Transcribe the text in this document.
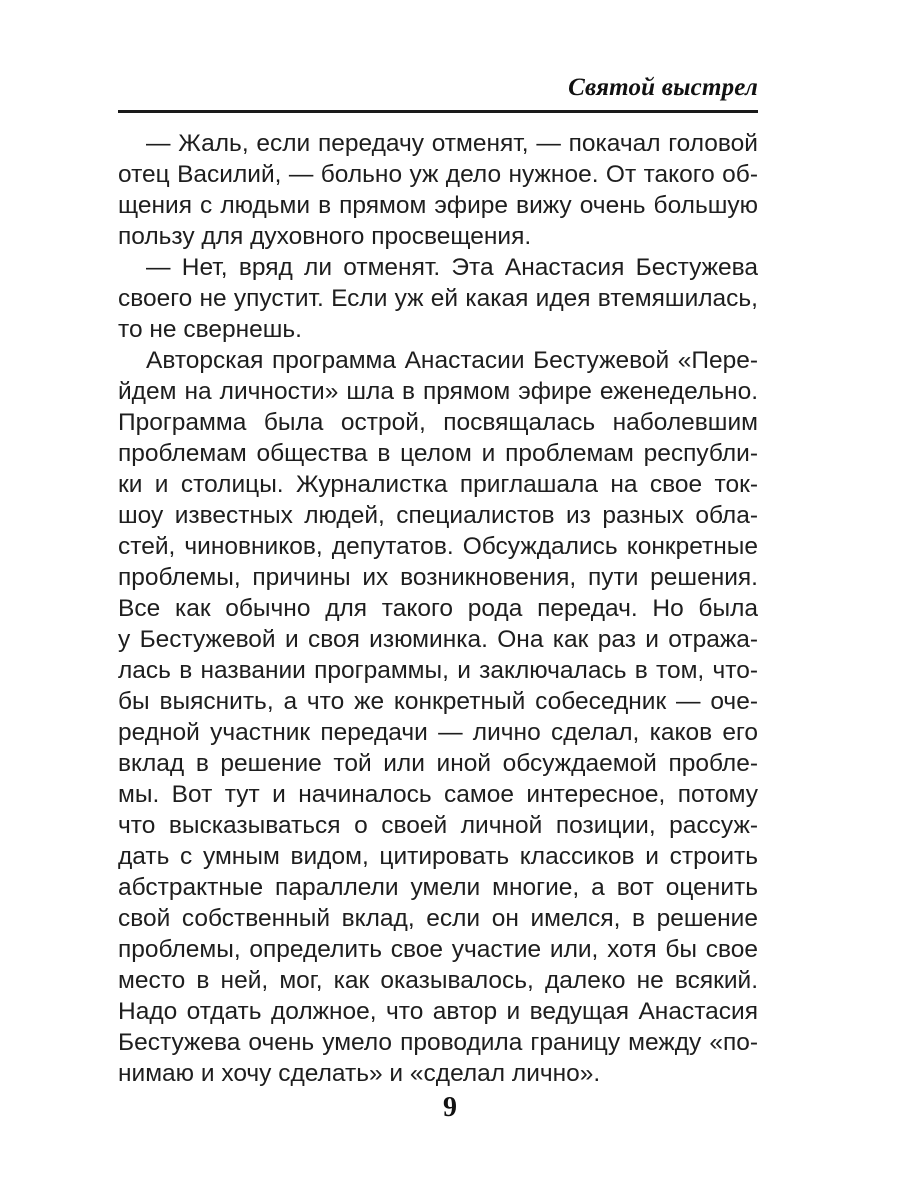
Святой выстрел

— Жаль, если передачу отменят, — покачал головой
отец Василий, — больно уж дело нужное. От такого об-
щения с людьми в прямом эфире вижу очень большую
пользу для духовного просвещения.

— Нет, вряд ли отменят. Эта Анастасия Бестужева
своего не упустит. Если уж ей какая идея втемяшилась,
то не свернешь.

Авторская программа Анастасии Бестужевой «Пере-
йдем на личности» шла в прямом эфире еженедельно.
Программа была острой, посвящалась наболевшим
проблемам общества в целом и проблемам республи-
ки и столицы. Журналистка приглашала на свое ток-
шоу известных людей, специалистов из разных обла-
стей, чиновников, депутатов. Обсуждались конкретные
проблемы, причины их возникновения, пути решения.
Все как обычно для такого рода передач. Но была
у Бестужевой и своя изюминка. Она как раз и отража-
лась в названии программы, и заключалась в том, что-
бы выяснить, а что же конкретный собеседник — оче-
редной участник передачи — лично сделал, каков его
вклад в решение той или иной обсуждаемой пробле-
мы. Вот тут и начиналось самое интересное, потому
что высказываться о своей личной позиции, рассуж-
дать с умным видом, цитировать классиков и строить
абстрактные параллели умели многие, а вот оценить
свой собственный вклад, если он имелся, в решение
проблемы, определить свое участие или, хотя бы свое
место в ней, мог, как оказывалось, далеко не всякий.
Надо отдать должное, что автор и ведущая Анастасия
Бестужева очень умело проводила границу между «по-
нимаю и хочу сделать» и «сделал лично».

9
